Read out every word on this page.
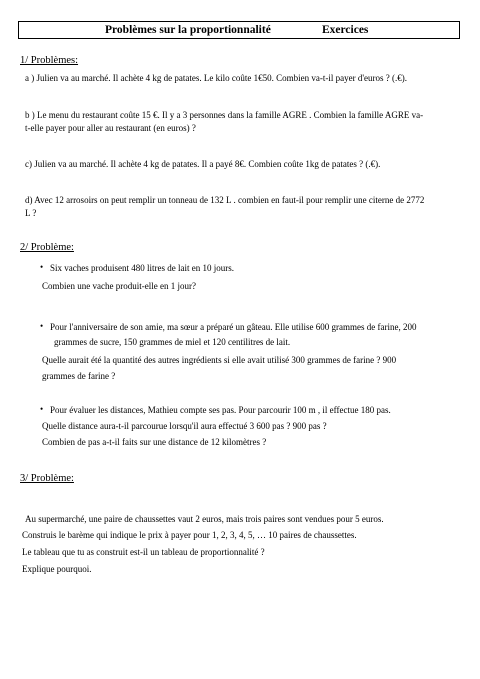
Problèmes sur la proportionnalité	Exercices
1/ Problèmes:
a ) Julien va au marché. Il achète 4 kg de patates. Le kilo coûte 1€50. Combien va-t-il payer d'euros ? (.€).
b ) Le menu du restaurant coûte 15 €. Il y a 3 personnes dans la famille AGRE . Combien la famille AGRE va-
t-elle payer pour aller au restaurant (en euros) ?
c) Julien va au marché. Il achète 4 kg de patates. Il a payé 8€. Combien coûte 1kg de patates ? (.€).
d) Avec 12 arrosoirs on peut remplir un tonneau de 132 L . combien en faut-il pour remplir une citerne de 2772
L ?
2/ Problème:
• Six vaches produisent 480 litres de lait en 10 jours.
Combien une vache produit-elle en 1 jour?
• Pour l'anniversaire de son amie, ma sœur a préparé un gâteau. Elle utilise 600 grammes de farine, 200
grammes de sucre, 150 grammes de miel et 120 centilitres de lait.
Quelle aurait été la quantité des autres ingrédients si elle avait utilisé 300 grammes de farine ? 900
grammes de farine ?
• Pour évaluer les distances, Mathieu compte ses pas. Pour parcourir 100 m , il effectue 180 pas.
Quelle distance aura-t-il parcourue lorsqu'il aura effectué 3 600 pas ? 900 pas ?
Combien de pas a-t-il faits sur une distance de 12 kilomètres ?
3/ Problème:
Au supermarché, une paire de chaussettes vaut 2 euros, mais trois paires sont vendues pour 5 euros.
Construis le barème qui indique le prix à payer pour 1, 2, 3, 4, 5, … 10 paires de chaussettes.
Le tableau que tu as construit est-il un tableau de proportionnalité ?
Explique pourquoi.
